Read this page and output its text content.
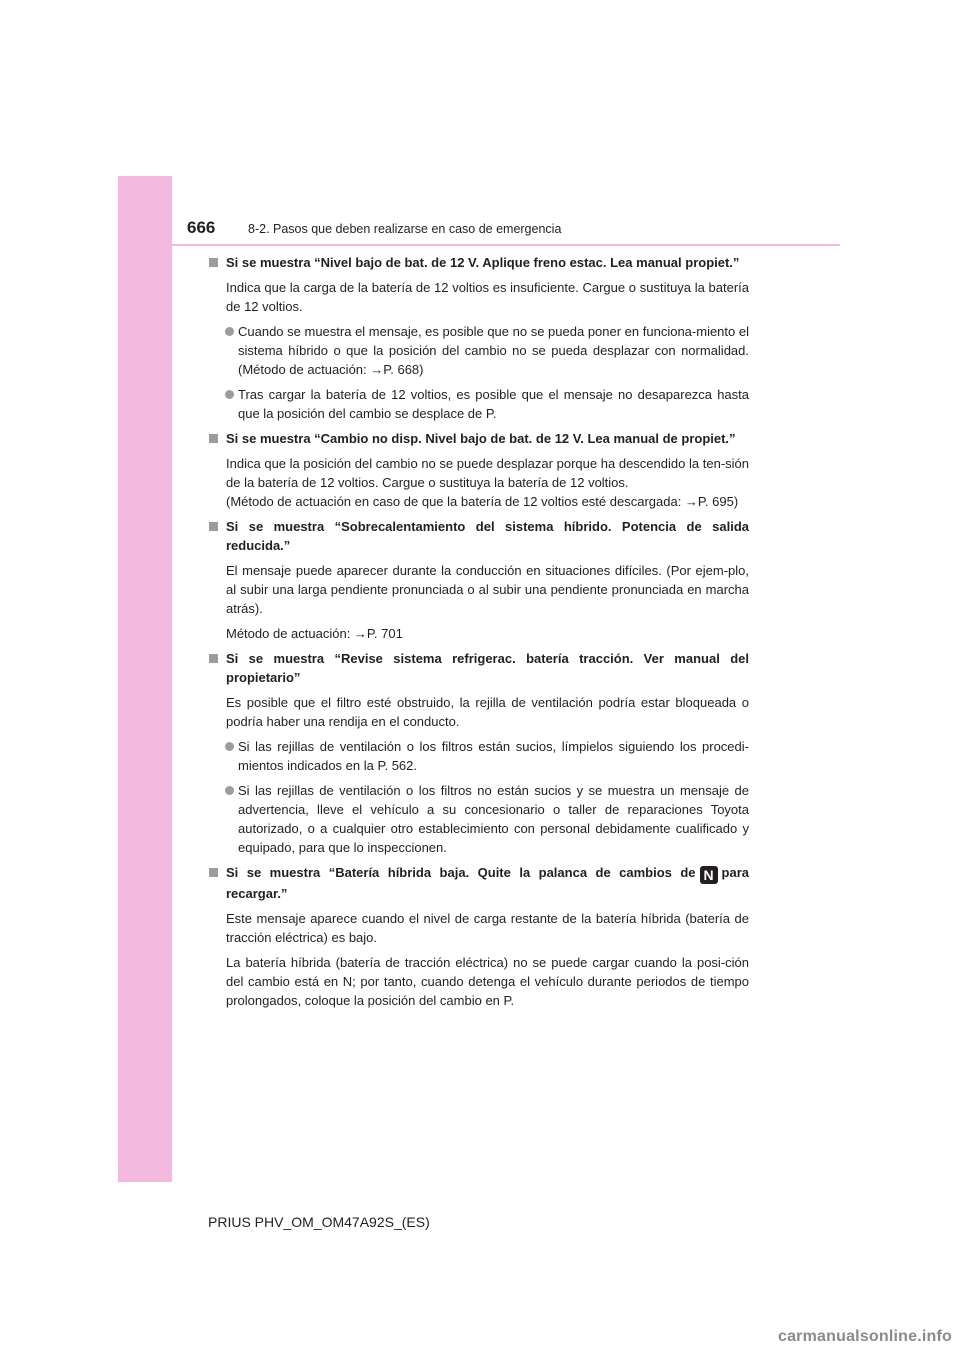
666	8-2. Pasos que deben realizarse en caso de emergencia

Si se muestra “Nivel bajo de bat. de 12 V. Aplique freno estac. Lea manual propiet.”

Indica que la carga de la batería de 12 voltios es insuficiente. Cargue o sustituya la batería de 12 voltios.

Cuando se muestra el mensaje, es posible que no se pueda poner en funciona-miento el sistema híbrido o que la posición del cambio no se pueda desplazar con normalidad. (Método de actuación: →P. 668)

Tras cargar la batería de 12 voltios, es posible que el mensaje no desaparezca hasta que la posición del cambio se desplace de P.

Si se muestra “Cambio no disp. Nivel bajo de bat. de 12 V. Lea manual de propiet.”

Indica que la posición del cambio no se puede desplazar porque ha descendido la ten-sión de la batería de 12 voltios. Cargue o sustituya la batería de 12 voltios.

(Método de actuación en caso de que la batería de 12 voltios esté descargada: →P. 695)

Si se muestra “Sobrecalentamiento del sistema híbrido. Potencia de salida reducida.”

El mensaje puede aparecer durante la conducción en situaciones difíciles. (Por ejem-plo, al subir una larga pendiente pronunciada o al subir una pendiente pronunciada en marcha atrás).

Método de actuación: →P. 701

Si se muestra “Revise sistema refrigerac. batería tracción. Ver manual del propietario”

Es posible que el filtro esté obstruido, la rejilla de ventilación podría estar bloqueada o podría haber una rendija en el conducto.

Si las rejillas de ventilación o los filtros están sucios, límpielos siguiendo los procedi-mientos indicados en la P. 562.

Si las rejillas de ventilación o los filtros no están sucios y se muestra un mensaje de advertencia, lleve el vehículo a su concesionario o taller de reparaciones Toyota autorizado, o a cualquier otro establecimiento con personal debidamente cualificado y equipado, para que lo inspeccionen.

Si se muestra “Batería híbrida baja. Quite la palanca de cambios de N para recargar.”

Este mensaje aparece cuando el nivel de carga restante de la batería híbrida (batería de tracción eléctrica) es bajo.

La batería híbrida (batería de tracción eléctrica) no se puede cargar cuando la posi-ción del cambio está en N; por tanto, cuando detenga el vehículo durante periodos de tiempo prolongados, coloque la posición del cambio en P.

PRIUS PHV_OM_OM47A92S_(ES)
carmanualsonline.info
